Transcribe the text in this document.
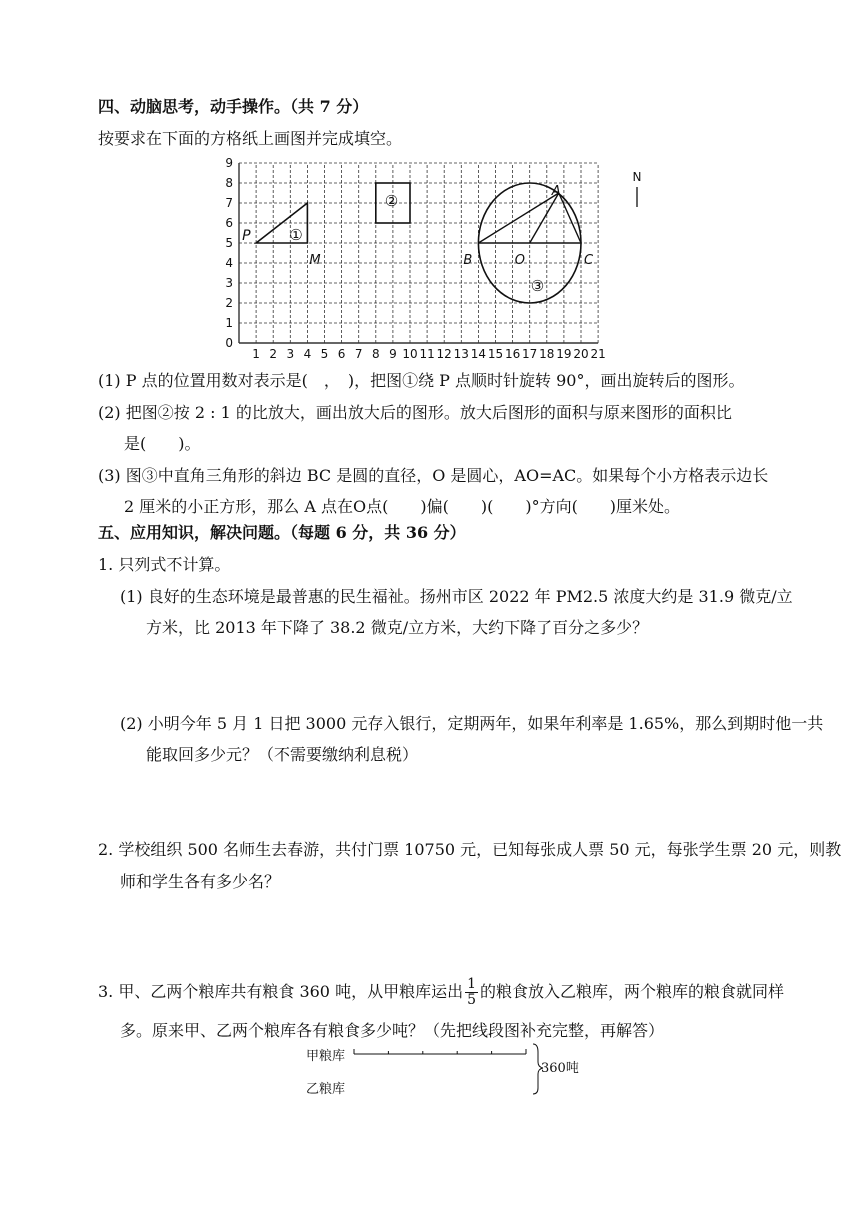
四、动脑思考，动手操作。（共 7 分）
按要求在下面的方格纸上画图并完成填空。
0
1
2
3
4
5
6
7
8
9
1 2 3 4 5 6 7 8 9 10 11 12 13 14 15 16 17 18 19 20 21
P
M
①
②
B	O	C
A
③
N
(1) P 点的位置用数对表示是(　，　)，把图①绕 P 点顺时针旋转 90°，画出旋转后的图形。
(2) 把图②按 2 : 1 的比放大，画出放大后的图形。放大后图形的面积与原来图形的面积比
是(　　)。
(3) 图③中直角三角形的斜边 BC 是圆的直径，O 是圆心，AO=AC。如果每个小方格表示边长
2 厘米的小正方形，那么 A 点在O点(　　)偏(　　)(　　)°方向(　　)厘米处。
五、应用知识，解决问题。（每题 6 分，共 36 分）
1. 只列式不计算。
(1) 良好的生态环境是最普惠的民生福祉。扬州市区 2022 年 PM2.5 浓度大约是 31.9 微克/立
方米，比 2013 年下降了 38.2 微克/立方米，大约下降了百分之多少？
(2) 小明今年 5 月 1 日把 3000 元存入银行，定期两年，如果年利率是 1.65%，那么到期时他一共
能取回多少元？（不需要缴纳利息税）
2. 学校组织 500 名师生去春游，共付门票 10750 元，已知每张成人票 50 元，每张学生票 20 元，则教
师和学生各有多少名？
3. 甲、乙两个粮库共有粮食 360 吨，从甲粮库运出 $\frac{1}{5}$ 的粮食放入乙粮库，两个粮库的粮食就同样
多。原来甲、乙两个粮库各有粮食多少吨？（先把线段图补充完整，再解答）
甲粮库
乙粮库
360吨
